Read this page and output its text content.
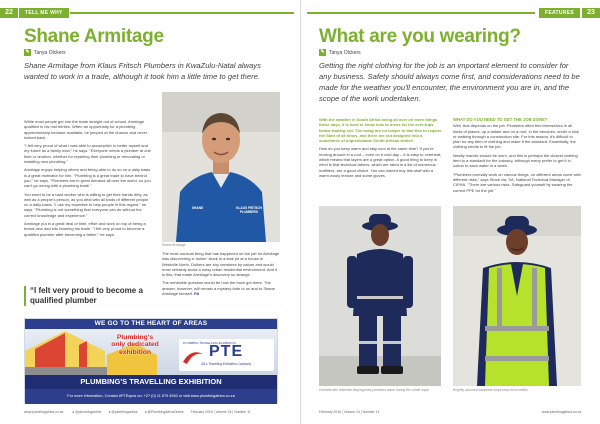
22	TELL ME WHY
Shane Armitage
✎ Tanya Olckers
Shane Armitage from Klaus Fritsch Plumbers in KwaZulu-Natal always wanted to work in a trade, although it took him a little time to get there.

While most people get into the trade straight out of school, Armitage qualified in his mid thirties. When an opportunity for a plumbing apprenticeship became available, he jumped at the chance and never looked back.

"I felt very proud of what I was able to accomplish to better myself and my future as a family man," he says. "Everyone needs a plumber at one time or another, whether for repairing their plumbing or renovating or installing new plumbing."

Armitage enjoys helping others and being able to do so on a daily basis is a great motivator for him. "Plumbing is a great trade to have behind you," he says. "Plumbers are in great demand all over the world, so you can't go wrong with a plumbing trade."

You need to be a hard worker who is willing to get their hands dirty, as well as a people's person, as you deal with all kinds of different people on a daily basis. "I use my expertise to help people in this regard," he says. "Plumbing is not something that everyone can do without the correct knowledge and experience."

Armitage put in a great deal of time, effort and work on top of being a brand-new dad into learning his trade. "I felt very proud to become a qualified plumber after becoming a father," he says.

“I felt very proud to become a qualified plumber
KLAUS FRITSCH PLUMBERS
SHANE
Shane Armitage

The most unusual thing that has happened on the job for Armitage was discovering a 'duiker' stuck in a leak pit at a house in Westville North. Duikers are shy creatures by nature and would most certainly avoid a noisy urban residential environment. And it is this, that made Armitage's discovery so strange.

The inevitable question would be how the buck got there. The answer, however, will remain a mystery both to us and to Shane Armitage himself. PA

WE GO TO THE HEART OF AREAS
Plumbing's
only dedicated
exhibition
PLUMBING TRAVELLING EXHIBITION
PTE
SA's Travelling Exhibition Company
PLUMBING'S TRAVELLING EXHIBITION
For more information, Contact #PTExpos on: +27 (0) 11 579 4940 or visit www.plumbingafrica.co.za
www.plumbingafrica.co.za	● @plumbingonline ● @plumbingonline ● @PlumbingAfricaOnline February 2016 | Volume 24 | Number 11
FEATURES	23
What are you wearing?
✎ Tanya Olckers
Getting the right clothing for the job is an important element to consider for any business. Safety should always come first, and considerations need to be made for the weather you'll encounter, the environment you are in, and the scope of the work undertaken.

With the weather in South Africa being all over on more things these days, it is hard to know how to dress for the ever-trips below leading out. The today are no longer to that this to require the Start of all times, and there are not designed into a sometimes of unpredictable South African winter!

How do you keep warm and stay cool at the same time? If you're moving around in a roof – even on a cold day – it is easy to overheat, which means that layers are a great option. A good thing to keep in mind is that technical fabrics, which are rated in a list of numerous outfitters, are a good choice. You can indeed buy this stuff with a warm wooly texture and some gloves.

WHAT DO YOU NEED TO GET THE JOB DONE?

Well, that depends on the job. Plumbers often find themselves in all kinds of places: up a ladder and on a roof, in the trenches, under a sink or walking through a construction site. For this reason, it's difficult to plan for any item of clothing and make it the standard. Essentially, the clothing needs to fit the job.

Ideally mandic should be worn, and this is perhaps the closest clothing item to a standard for the industry, although many prefer to get it in cotton to save water in a wash.

"Plumbers normally work on various things, on different areas come with different risks," says Stove via, SA, National Technical Manager of CIPHA. "There are various risks. Safeguard yourself by wearing the correct PPE for the job."

Overalls with reflective striping keep plumbers warm during the colder days.	Brightly coloured workwear helps keep them visible.
February 2016 | Volume 24 | Number 11	www.plumbingafrica.co.za
